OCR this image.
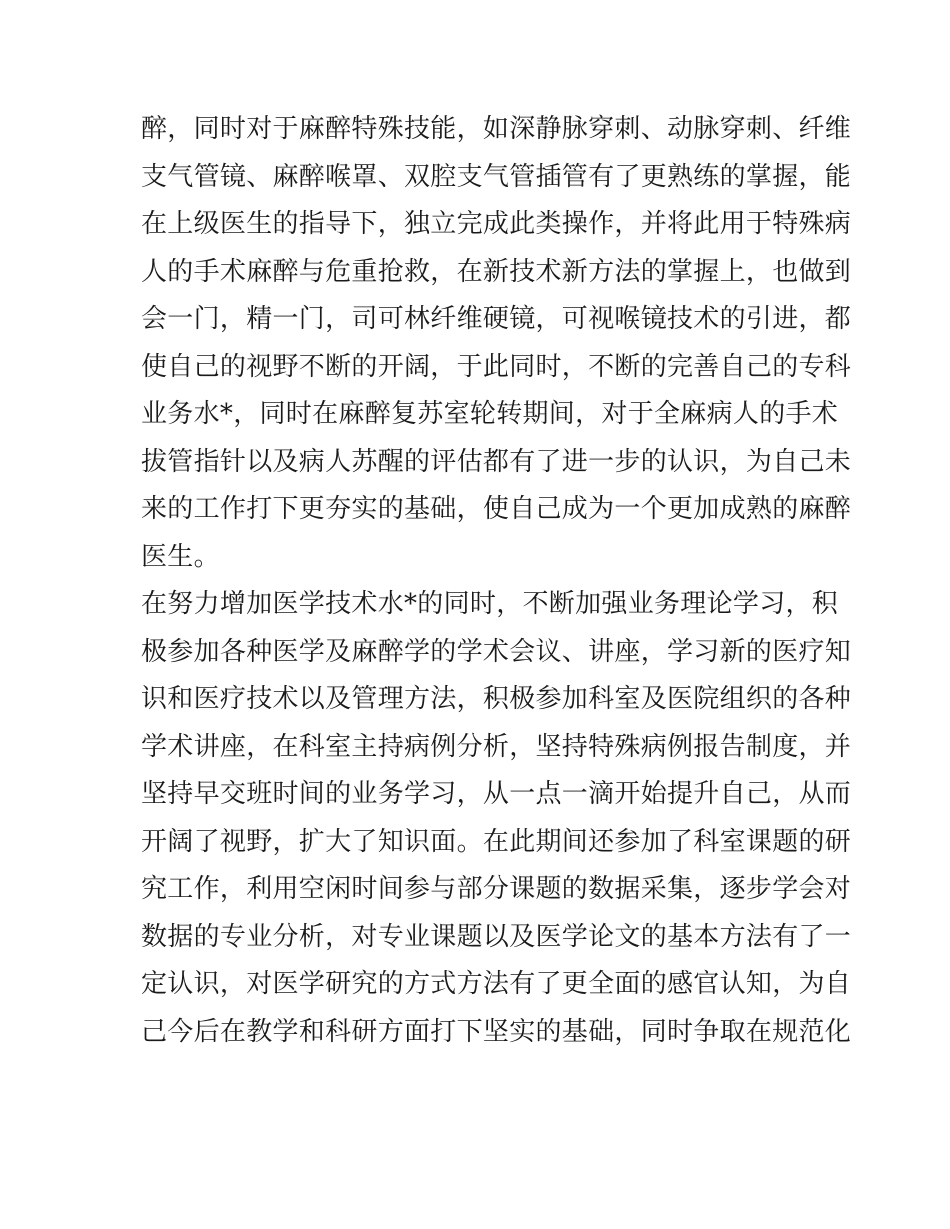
醉，同时对于麻醉特殊技能，如深静脉穿刺、动脉穿刺、纤维
支气管镜、麻醉喉罩、双腔支气管插管有了更熟练的掌握，能
在上级医生的指导下，独立完成此类操作，并将此用于特殊病
人的手术麻醉与危重抢救，在新技术新方法的掌握上，也做到
会一门，精一门，司可林纤维硬镜，可视喉镜技术的引进，都
使自己的视野不断的开阔，于此同时，不断的完善自己的专科
业务水*，同时在麻醉复苏室轮转期间，对于全麻病人的手术
拔管指针以及病人苏醒的评估都有了进一步的认识，为自己未
来的工作打下更夯实的基础，使自己成为一个更加成熟的麻醉
医生。
在努力增加医学技术水*的同时，不断加强业务理论学习，积
极参加各种医学及麻醉学的学术会议、讲座，学习新的医疗知
识和医疗技术以及管理方法，积极参加科室及医院组织的各种
学术讲座，在科室主持病例分析，坚持特殊病例报告制度，并
坚持早交班时间的业务学习，从一点一滴开始提升自己，从而
开阔了视野，扩大了知识面。在此期间还参加了科室课题的研
究工作，利用空闲时间参与部分课题的数据采集，逐步学会对
数据的专业分析，对专业课题以及医学论文的基本方法有了一
定认识，对医学研究的方式方法有了更全面的感官认知，为自
己今后在教学和科研方面打下坚实的基础，同时争取在规范化
